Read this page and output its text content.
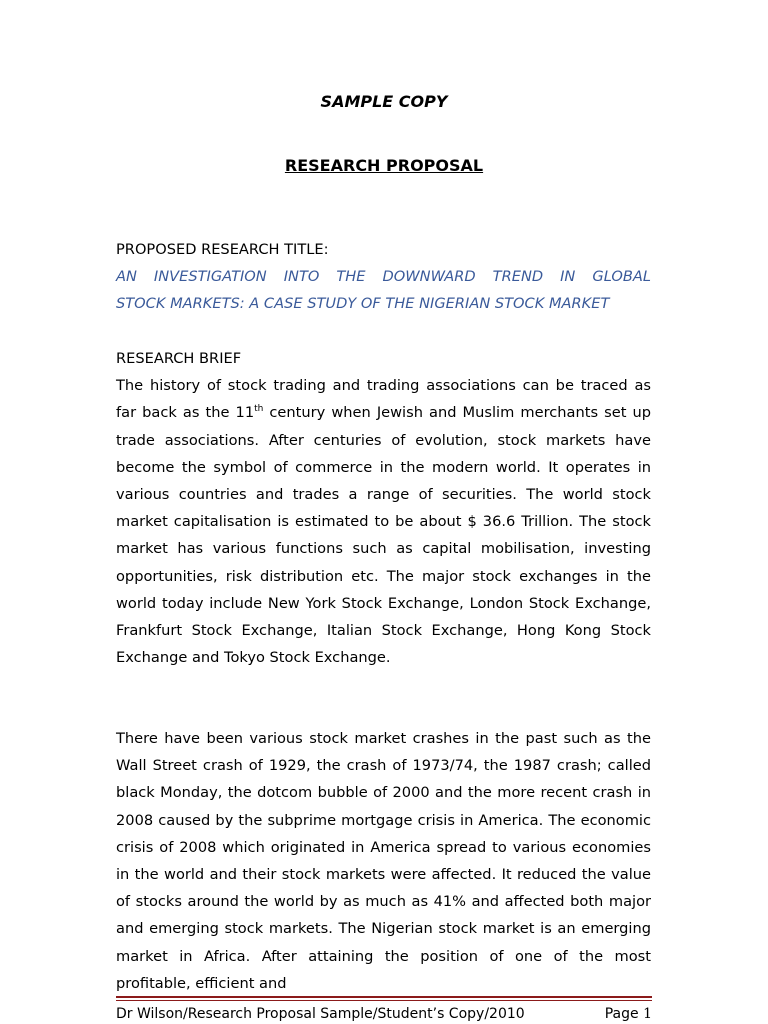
SAMPLE COPY
RESEARCH PROPOSAL

PROPOSED RESEARCH TITLE:

AN INVESTIGATION INTO THE DOWNWARD TREND IN GLOBAL

STOCK MARKETS: A CASE STUDY OF THE NIGERIAN STOCK MARKET

RESEARCH BRIEF

The history of stock trading and trading associations can be traced as far back as the 11th century when Jewish and Muslim merchants set up trade associations. After centuries of evolution, stock markets have become the symbol of commerce in the modern world. It operates in various countries and trades a range of securities. The world stock market capitalisation is estimated to be about $ 36.6 Trillion. The stock market has various functions such as capital mobilisation, investing opportunities, risk distribution etc. The major stock exchanges in the world today include New York Stock Exchange, London Stock Exchange, Frankfurt Stock Exchange, Italian Stock Exchange, Hong Kong Stock Exchange and Tokyo Stock Exchange.

There have been various stock market crashes in the past such as the Wall Street crash of 1929, the crash of 1973/74, the 1987 crash; called black Monday, the dotcom bubble of 2000 and the more recent crash in 2008 caused by the subprime mortgage crisis in America. The economic crisis of 2008 which originated in America spread to various economies in the world and their stock markets were affected. It reduced the value of stocks around the world by as much as 41% and affected both major and emerging stock markets. The Nigerian stock market is an emerging market in Africa. After attaining the position of one of the most profitable, efficient and

Dr Wilson/Research Proposal Sample/Student’s Copy/2010	Page 1
